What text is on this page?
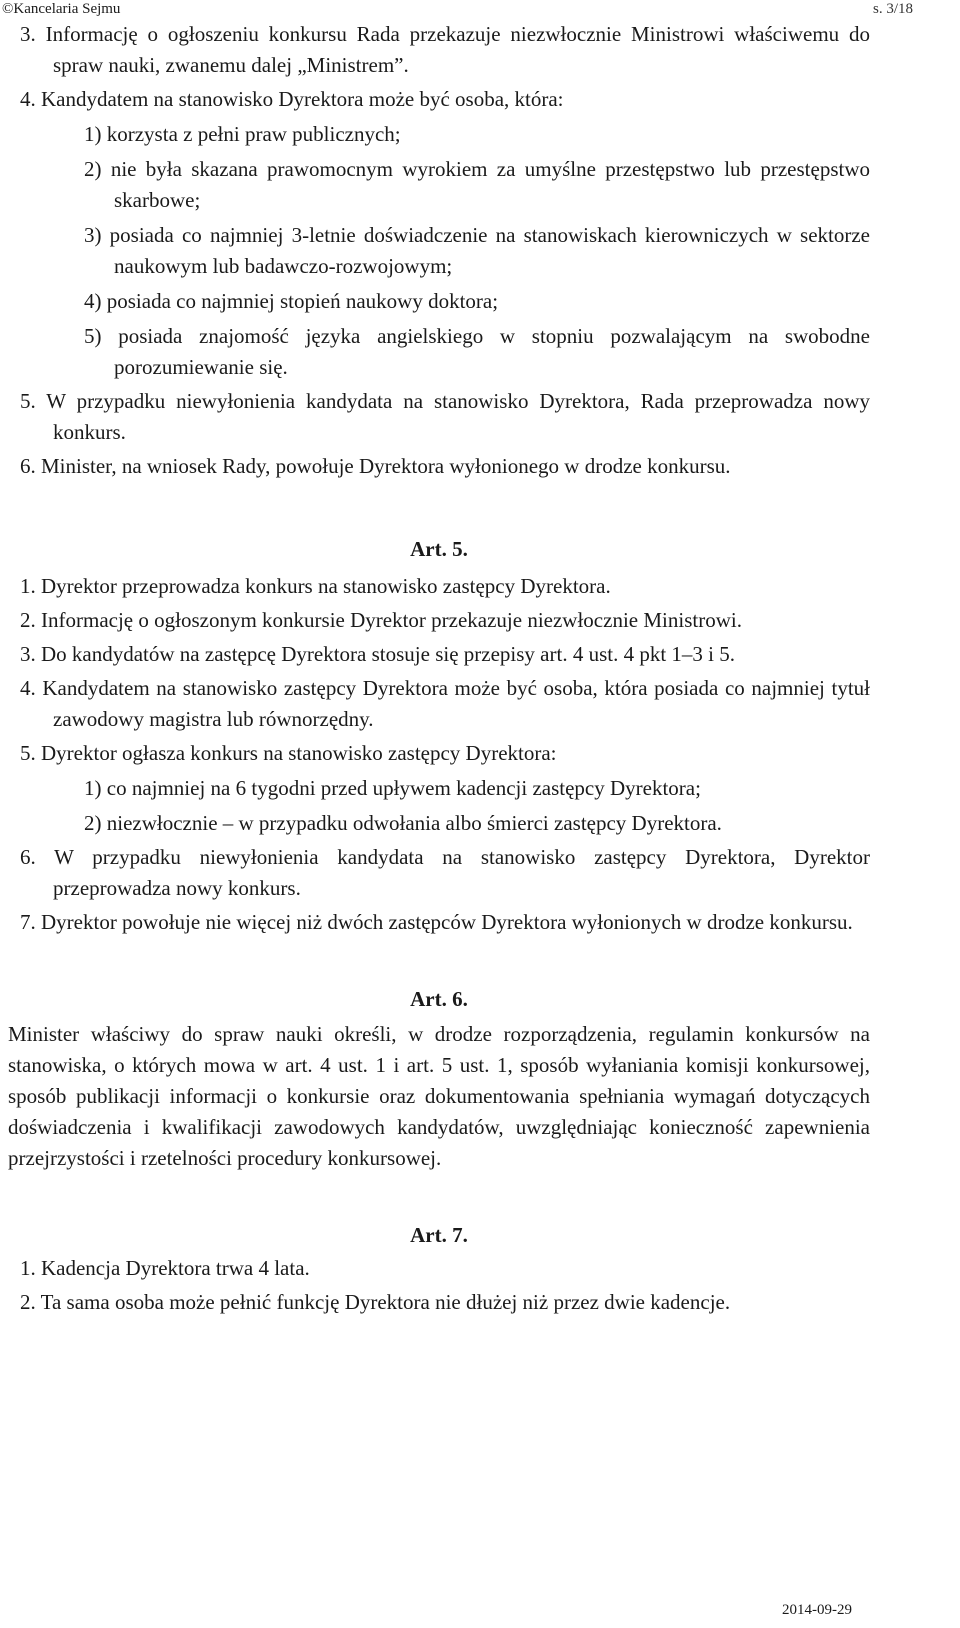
©Kancelaria Sejmu	s. 3/18

3. Informację o ogłoszeniu konkursu Rada przekazuje niezwłocznie Ministrowi właściwemu do spraw nauki, zwanemu dalej „Ministrem”.

4. Kandydatem na stanowisko Dyrektora może być osoba, która:

1) korzysta z pełni praw publicznych;

2) nie była skazana prawomocnym wyrokiem za umyślne przestępstwo lub przestępstwo skarbowe;

3) posiada co najmniej 3-letnie doświadczenie na stanowiskach kierowniczych w sektorze naukowym lub badawczo-rozwojowym;

4) posiada co najmniej stopień naukowy doktora;

5) posiada znajomość języka angielskiego w stopniu pozwalającym na swobodne porozumiewanie się.

5. W przypadku niewyłonienia kandydata na stanowisko Dyrektora, Rada przeprowadza nowy konkurs.

6. Minister, na wniosek Rady, powołuje Dyrektora wyłonionego w drodze konkursu.

Art. 5.

1. Dyrektor przeprowadza konkurs na stanowisko zastępcy Dyrektora.

2. Informację o ogłoszonym konkursie Dyrektor przekazuje niezwłocznie Ministrowi.

3. Do kandydatów na zastępcę Dyrektora stosuje się przepisy art. 4 ust. 4 pkt 1–3 i 5.

4. Kandydatem na stanowisko zastępcy Dyrektora może być osoba, która posiada co najmniej tytuł zawodowy magistra lub równorzędny.

5. Dyrektor ogłasza konkurs na stanowisko zastępcy Dyrektora:

1) co najmniej na 6 tygodni przed upływem kadencji zastępcy Dyrektora;

2) niezwłocznie – w przypadku odwołania albo śmierci zastępcy Dyrektora.

6. W przypadku niewyłonienia kandydata na stanowisko zastępcy Dyrektora, Dyrektor przeprowadza nowy konkurs.

7. Dyrektor powołuje nie więcej niż dwóch zastępców Dyrektora wyłonionych w drodze konkursu.

Art. 6.

Minister właściwy do spraw nauki określi, w drodze rozporządzenia, regulamin konkursów na stanowiska, o których mowa w art. 4 ust. 1 i art. 5 ust. 1, sposób wyłaniania komisji konkursowej, sposób publikacji informacji o konkursie oraz dokumentowania spełniania wymagań dotyczących doświadczenia i kwalifikacji zawodowych kandydatów, uwzględniając konieczność zapewnienia przejrzystości i rzetelności procedury konkursowej.

Art. 7.

1. Kadencja Dyrektora trwa 4 lata.

2. Ta sama osoba może pełnić funkcję Dyrektora nie dłużej niż przez dwie kadencje.

2014-09-29
